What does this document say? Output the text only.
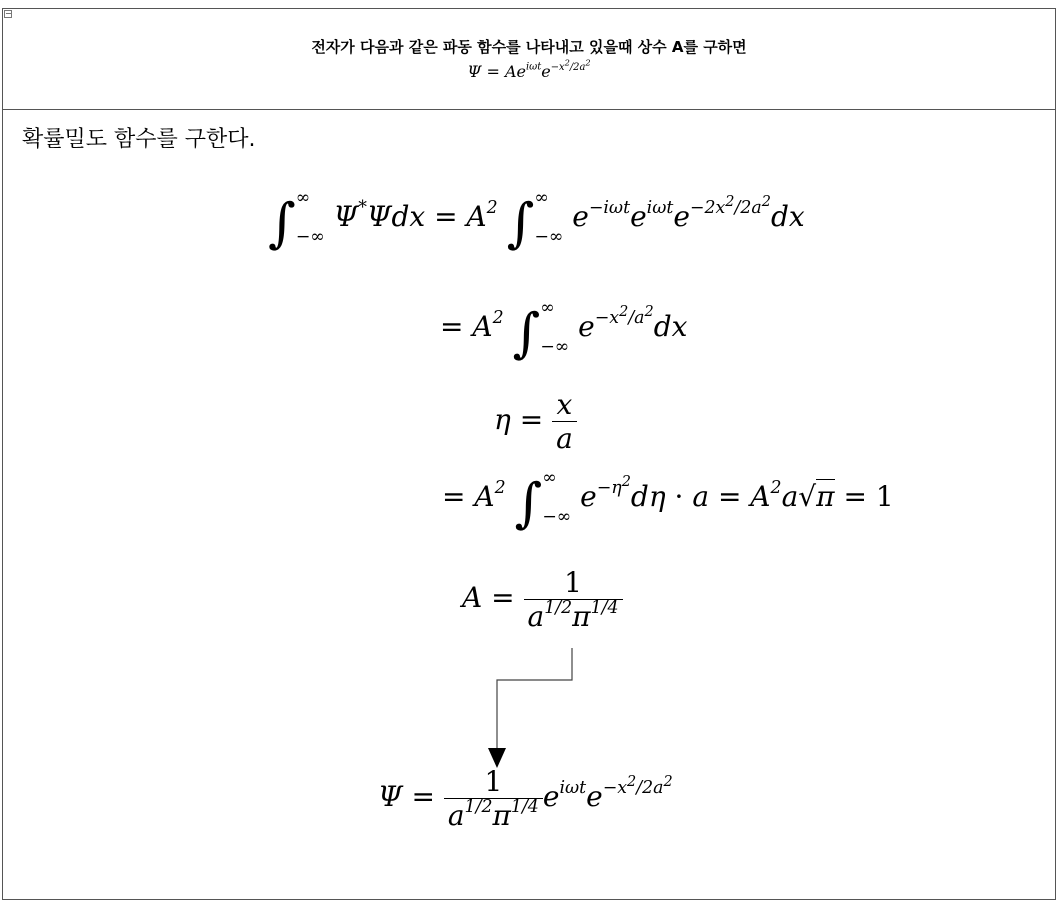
−
전자가 다음과 같은 파동 함수를 나타내고 있을때 상수 A를 구하면
$\Psi = Ae^{i\omega t}e^{-x^2/2a^2}$
확률밀도 함수를 구한다.
∫ ∞
−∞
$\Psi^*\Psi dx = A^2$ ∫ ∞
−∞
$e^{-i\omega t}e^{i\omega t}e^{-2x^2/2a^2}dx$
= $A^2$ ∫ ∞
−∞
$e^{-x^2/a^2}dx$
$\eta = \frac{x}{a}$
= $A^2$ ∫ ∞
−∞
$e^{-\eta^2}d\eta \cdot a = A^2a√\pi = 1$
$A = \frac{1}{a^{1/2}\pi^{1/4}}$
$\Psi = \frac{1}{a^{1/2}\pi^{1/4}} e^{i\omega t}e^{-x^2/2a^2}$
